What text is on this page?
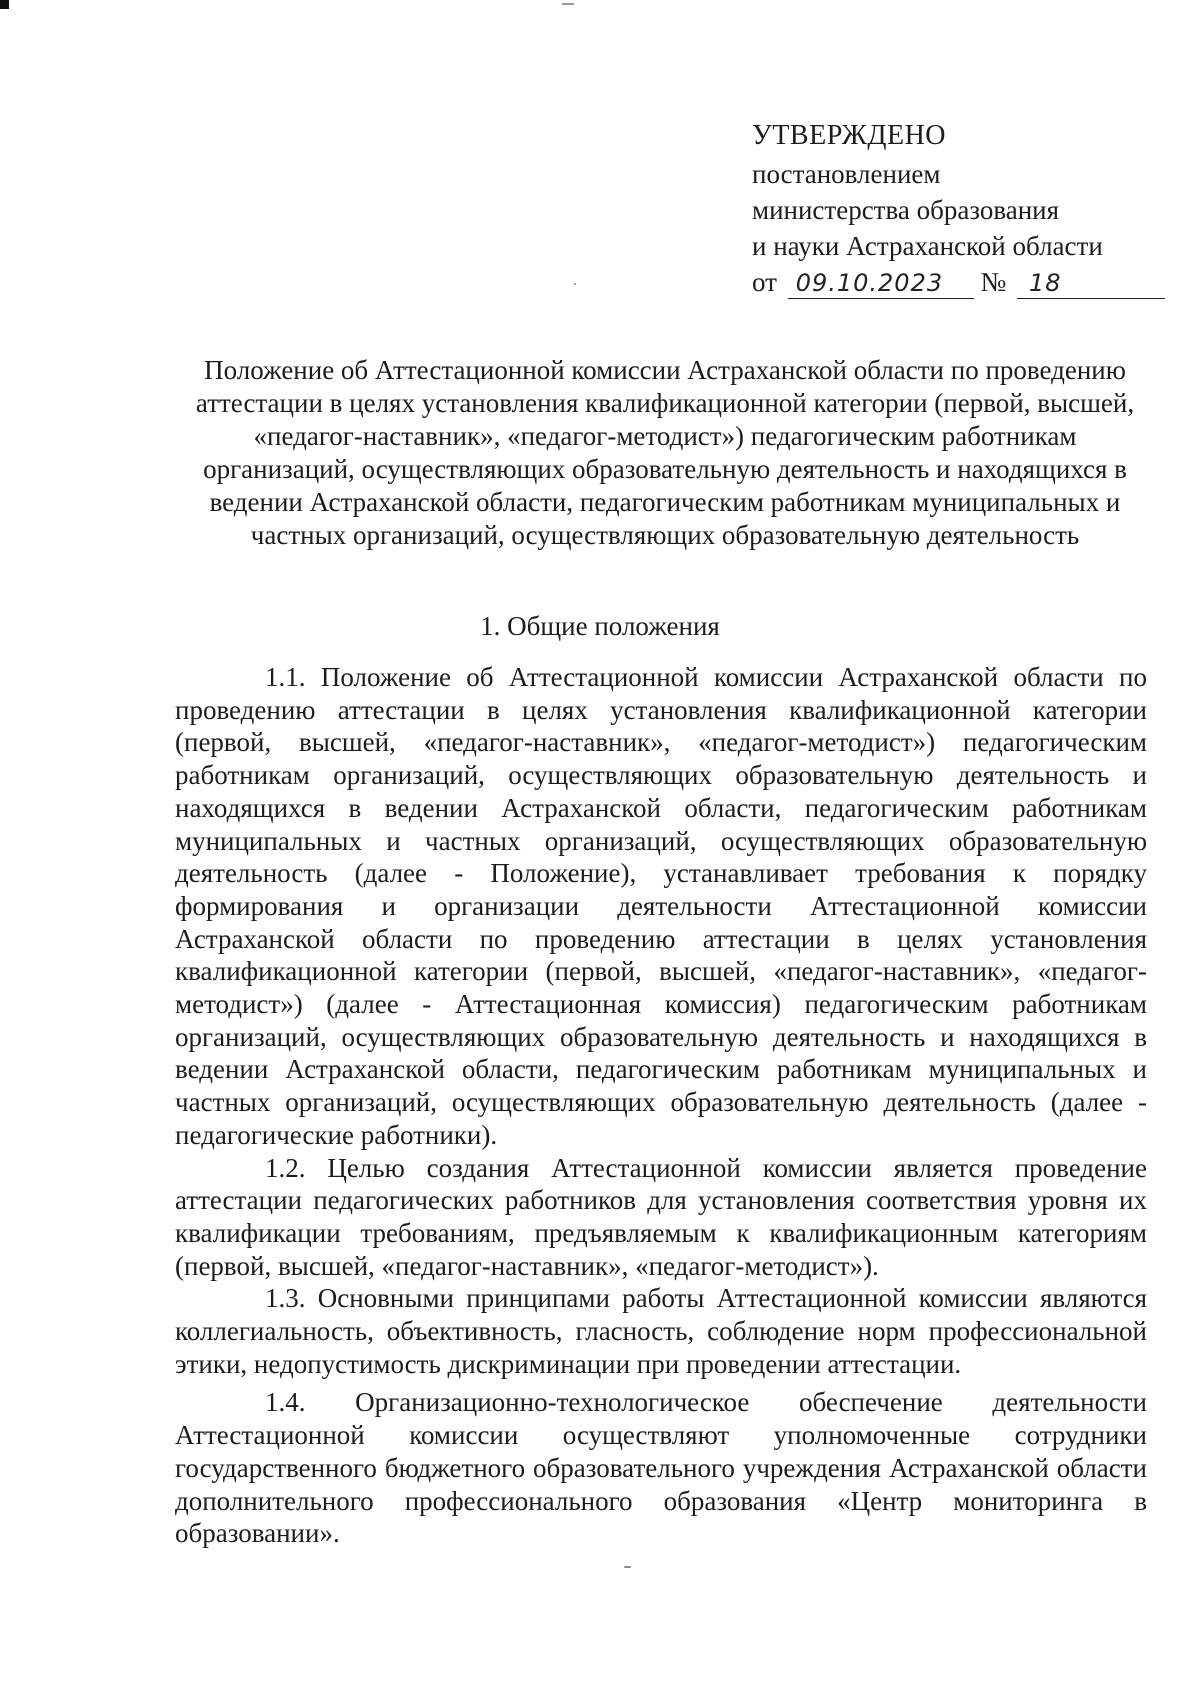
УТВЕРЖДЕНО
постановлением
министерства образования
и науки Астраханской области
от 09.10.2023 № 18
Положение об Аттестационной комиссии Астраханской области по проведению аттестации в целях установления квалификационной категории (первой, высшей, «педагог-наставник», «педагог-методист») педагогическим работникам организаций, осуществляющих образовательную деятельность и находящихся в ведении Астраханской области, педагогическим работникам муниципальных и частных организаций, осуществляющих образовательную деятельность
1. Общие положения

1.1. Положение об Аттестационной комиссии Астраханской области по проведению аттестации в целях установления квалификационной категории (первой, высшей, «педагог-наставник», «педагог-методист») педагогическим работникам организаций, осуществляющих образовательную деятельность и находящихся в ведении Астраханской области, педагогическим работникам муниципальных и частных организаций, осуществляющих образовательную деятельность (далее - Положение), устанавливает требования к порядку формирования и организации деятельности Аттестационной комиссии Астраханской области по проведению аттестации в целях установления квалификационной категории (первой, высшей, «педагог-наставник», «педагог-методист») (далее - Аттестационная комиссия) педагогическим работникам организаций, осуществляющих образовательную деятельность и находящихся в ведении Астраханской области, педагогическим работникам муниципальных и частных организаций, осуществляющих образовательную деятельность (далее - педагогические работники).

1.2. Целью создания Аттестационной комиссии является проведение аттестации педагогических работников для установления соответствия уровня их квалификации требованиям, предъявляемым к квалификационным категориям (первой, высшей, «педагог-наставник», «педагог-методист»).

1.3. Основными принципами работы Аттестационной комиссии являются коллегиальность, объективность, гласность, соблюдение норм профессиональной этики, недопустимость дискриминации при проведении аттестации.

1.4. Организационно-технологическое обеспечение деятельности Аттестационной комиссии осуществляют уполномоченные сотрудники государственного бюджетного образовательного учреждения Астраханской области дополнительного профессионального образования «Центр мониторинга в образовании».
